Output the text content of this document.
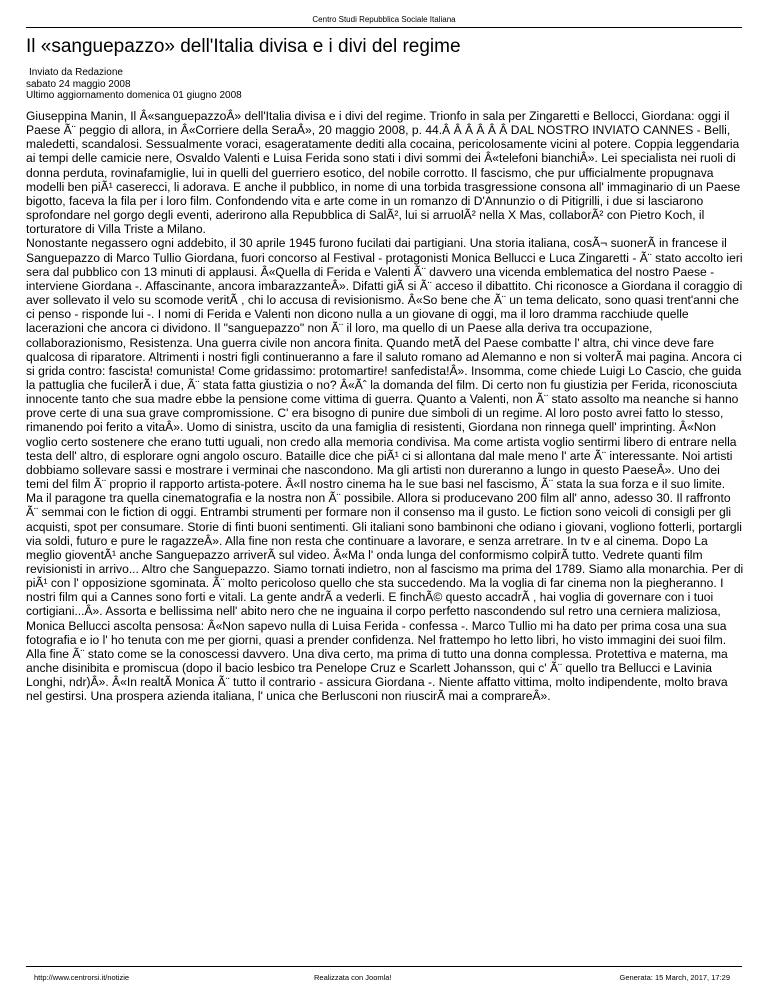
Centro Studi Repubblica Sociale Italiana
Il «sanguepazzo» dell'Italia divisa e i divi del regime
Inviato da Redazione
sabato 24 maggio 2008
Ultimo aggiornamento domenica 01 giugno 2008

Giuseppina Manin, Il Â«sanguepazzoÂ» dell'Italia divisa e i divi del regime. Trionfo in sala per Zingaretti e Bellocci, Giordana: oggi il Paese Ã¨ peggio di allora, in Â«Corriere della SeraÂ», 20 maggio 2008, p. 44.Â Â Â Â Â Â DAL NOSTRO INVIATO CANNES - Belli, maledetti, scandalosi. Sessualmente voraci, esageratamente dediti alla cocaina, pericolosamente vicini al potere. Coppia leggendaria ai tempi delle camicie nere, Osvaldo Valenti e Luisa Ferida sono stati i divi sommi dei Â«telefoni bianchiÂ». Lei specialista nei ruoli di donna perduta, rovinafamiglie, lui in quelli del guerriero esotico, del nobile corrotto. Il fascismo, che pur ufficialmente propugnava modelli ben piÃ¹ caserecci, li adorava. E anche il pubblico, in nome di una torbida trasgressione consona all' immaginario di un Paese bigotto, faceva la fila per i loro film. Confondendo vita e arte come in un romanzo di D'Annunzio o di Pitigrilli, i due si lasciarono sprofondare nel gorgo degli eventi, aderirono alla Repubblica di SalÃ², lui si arruolÃ² nella X Mas, collaborÃ² con Pietro Koch, il torturatore di Villa Triste a Milano.

Nonostante negassero ogni addebito, il 30 aprile 1945 furono fucilati dai partigiani. Una storia italiana, cosÃ¬ suonerÃ in francese il Sanguepazzo di Marco Tullio Giordana, fuori concorso al Festival - protagonisti Monica Bellucci e Luca Zingaretti - Ã¨ stato accolto ieri sera dal pubblico con 13 minuti di applausi. Â«Quella di Ferida e Valenti Ã¨ davvero una vicenda emblematica del nostro Paese - interviene Giordana -. Affascinante, ancora imbarazzanteÂ». Difatti giÃ si Ã¨ acceso il dibattito. Chi riconosce a Giordana il coraggio di aver sollevato il velo su scomode veritÃ , chi lo accusa di revisionismo. Â«So bene che Ã¨ un tema delicato, sono quasi trent'anni che ci penso - risponde lui -. I nomi di Ferida e Valenti non dicono nulla a un giovane di oggi, ma il loro dramma racchiude quelle lacerazioni che ancora ci dividono. Il "sanguepazzo" non Ã¨ il loro, ma quello di un Paese alla deriva tra occupazione, collaborazionismo, Resistenza. Una guerra civile non ancora finita. Quando metÃ del Paese combatte l' altra, chi vince deve fare qualcosa di riparatore. Altrimenti i nostri figli continueranno a fare il saluto romano ad Alemanno e non si volterÃ mai pagina. Ancora ci si grida contro: fascista! comunista! Come gridassimo: protomartire! sanfedista!Â». Insomma, come chiede Luigi Lo Cascio, che guida la pattuglia che fucilerÃ i due, Ã¨ stata fatta giustizia o no? Â«Ãˆ la domanda del film. Di certo non fu giustizia per Ferida, riconosciuta innocente tanto che sua madre ebbe la pensione come vittima di guerra. Quanto a Valenti, non Ã¨ stato assolto ma neanche si hanno prove certe di una sua grave compromissione. C' era bisogno di punire due simboli di un regime. Al loro posto avrei fatto lo stesso, rimanendo poi ferito a vitaÂ». Uomo di sinistra, uscito da una famiglia di resistenti, Giordana non rinnega quell' imprinting. Â«Non voglio certo sostenere che erano tutti uguali, non credo alla memoria condivisa. Ma come artista voglio sentirmi libero di entrare nella testa dell' altro, di esplorare ogni angolo oscuro. Bataille dice che piÃ¹ ci si allontana dal male meno l' arte Ã¨ interessante. Noi artisti dobbiamo sollevare sassi e mostrare i verminai che nascondono. Ma gli artisti non dureranno a lungo in questo PaeseÂ». Uno dei temi del film Ã¨ proprio il rapporto artista-potere. Â«Il nostro cinema ha le sue basi nel fascismo, Ã¨ stata la sua forza e il suo limite. Ma il paragone tra quella cinematografia e la nostra non Ã¨ possibile. Allora si producevano 200 film all' anno, adesso 30. Il raffronto Ã¨ semmai con le fiction di oggi. Entrambi strumenti per formare non il consenso ma il gusto. Le fiction sono veicoli di consigli per gli acquisti, spot per consumare. Storie di finti buoni sentimenti. Gli italiani sono bambinoni che odiano i giovani, vogliono fotterli, portargli via soldi, futuro e pure le ragazzeÂ». Alla fine non resta che continuare a lavorare, e senza arretrare. In tv e al cinema. Dopo La meglio gioventÃ¹ anche Sanguepazzo arriverÃ sul video. Â«Ma l' onda lunga del conformismo colpirÃ tutto. Vedrete quanti film revisionisti in arrivo... Altro che Sanguepazzo. Siamo tornati indietro, non al fascismo ma prima del 1789. Siamo alla monarchia. Per di piÃ¹ con l' opposizione sgominata. Ã¨ molto pericoloso quello che sta succedendo. Ma la voglia di far cinema non la piegheranno. I nostri film qui a Cannes sono forti e vitali. La gente andrÃ a vederli. E finchÃ© questo accadrÃ , hai voglia di governare con i tuoi cortigiani...Â». Assorta e bellissima nell' abito nero che ne inguaina il corpo perfetto nascondendo sul retro una cerniera maliziosa, Monica Bellucci ascolta pensosa: Â«Non sapevo nulla di Luisa Ferida - confessa -. Marco Tullio mi ha dato per prima cosa una sua fotografia e io l' ho tenuta con me per giorni, quasi a prender confidenza. Nel frattempo ho letto libri, ho visto immagini dei suoi film. Alla fine Ã¨ stato come se la conoscessi davvero. Una diva certo, ma prima di tutto una donna complessa. Protettiva e materna, ma anche disinibita e promiscua (dopo il bacio lesbico tra Penelope Cruz e Scarlett Johansson, qui c' Ã¨ quello tra Bellucci e Lavinia Longhi, ndr)Â». Â«In realtÃ Monica Ã¨ tutto il contrario - assicura Giordana -. Niente affatto vittima, molto indipendente, molto brava nel gestirsi. Una prospera azienda italiana, l' unica che Berlusconi non riuscirÃ mai a comprareÂ».

http://www.centrorsi.it/notizie	Realizzata con Joomla!	Generata: 15 March, 2017, 17:29
